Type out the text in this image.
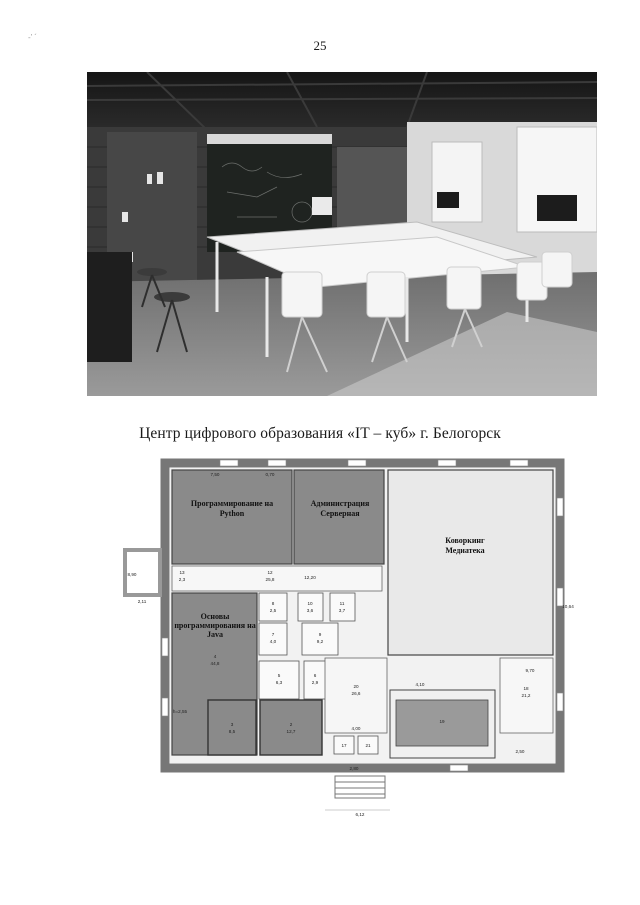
-’ ´
25
Центр цифрового образования «IT – куб» г. Белогорск
Программирование на
Python
Администрация
Серверная
Коворкинг
Медиатека
Основы
программирования на
Java
13
2,3
12
25,8
4
44,8
8
2,5
10
3,6
11
3,7
7
4,0
9
9,2
5
6,3
6
2,9
3
8,5
2
12,7
20
26,6
17	21
18
21,2
19
h=2,55
7,50	0,70
12,20
4,10
9,70
4,00
6,12
2,50
8,90
10,64
2,11
2,80
